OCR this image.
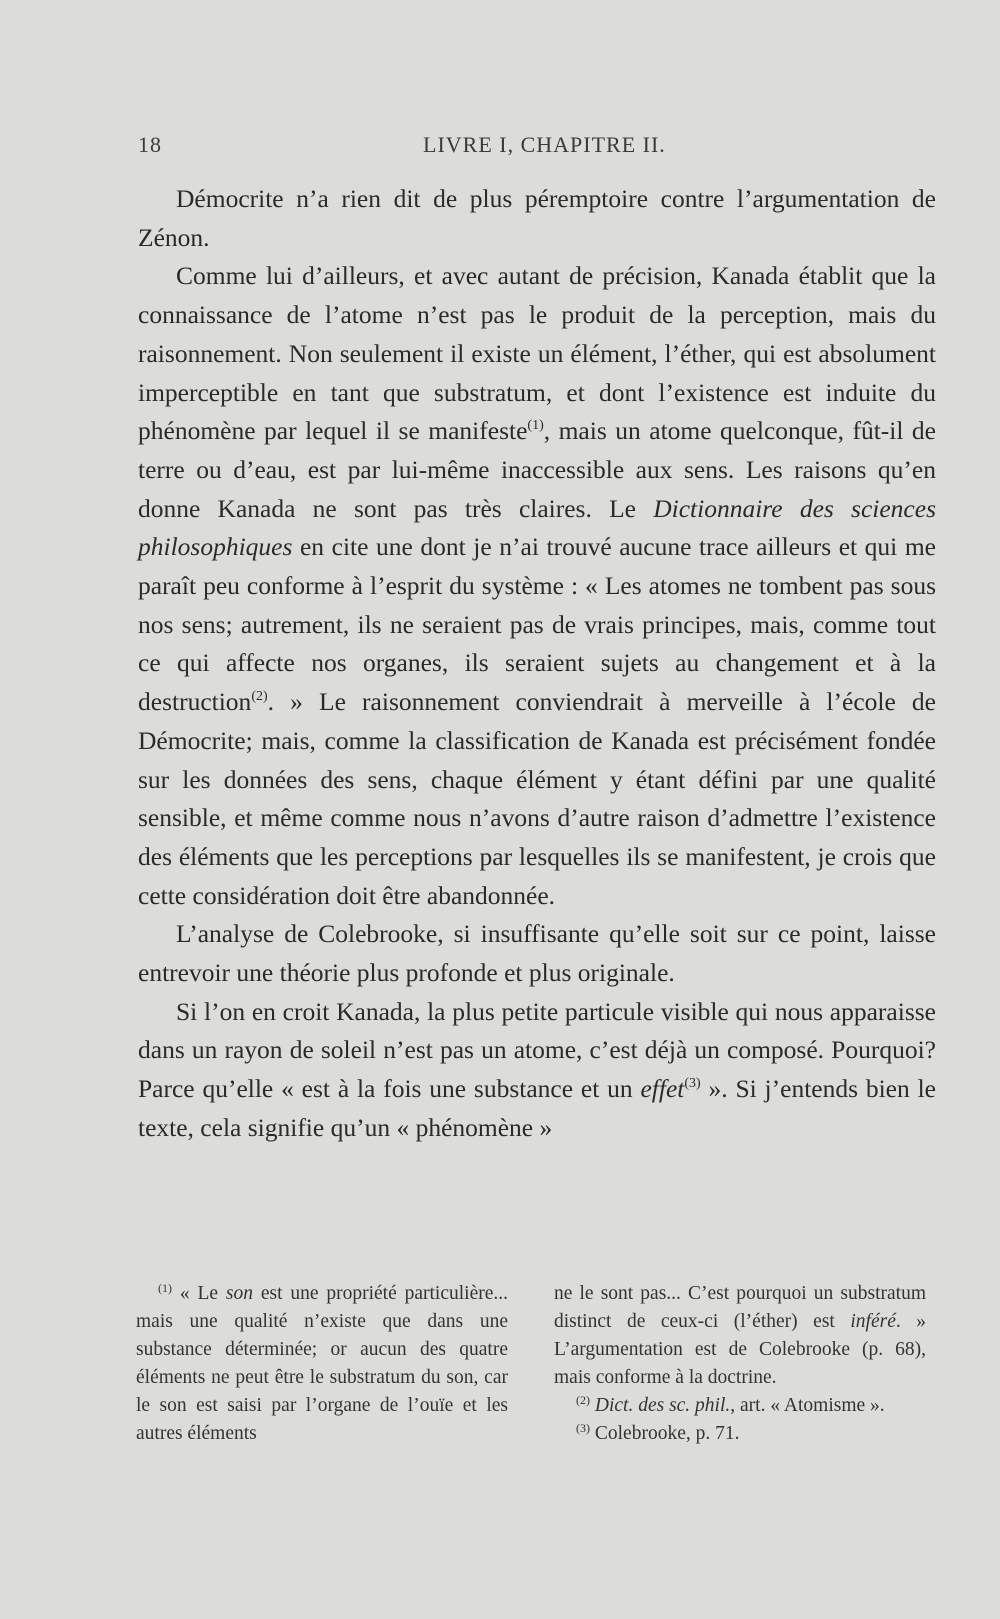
18	LIVRE I, CHAPITRE II.

Démocrite n’a rien dit de plus péremptoire contre l’argumentation de Zénon.

Comme lui d’ailleurs, et avec autant de précision, Kanada établit que la connaissance de l’atome n’est pas le produit de la perception, mais du raisonnement. Non seulement il existe un élément, l’éther, qui est absolument imperceptible en tant que substratum, et dont l’existence est induite du phénomène par lequel il se manifeste$^{(1)}$, mais un atome quelconque, fût-il de terre ou d’eau, est par lui-même inaccessible aux sens. Les raisons qu’en donne Kanada ne sont pas très claires. Le Dictionnaire des sciences philosophiques en cite une dont je n’ai trouvé aucune trace ailleurs et qui me paraît peu conforme à l’esprit du système : « Les atomes ne tombent pas sous nos sens; autrement, ils ne seraient pas de vrais principes, mais, comme tout ce qui affecte nos organes, ils seraient sujets au changement et à la destruction$^{(2)}$. » Le raisonnement conviendrait à merveille à l’école de Démocrite; mais, comme la classification de Kanada est précisément fondée sur les données des sens, chaque élément y étant défini par une qualité sensible, et même comme nous n’avons d’autre raison d’admettre l’existence des éléments que les perceptions par lesquelles ils se manifestent, je crois que cette considération doit être abandonnée.

L’analyse de Colebrooke, si insuffisante qu’elle soit sur ce point, laisse entrevoir une théorie plus profonde et plus originale.

Si l’on en croit Kanada, la plus petite particule visible qui nous apparaisse dans un rayon de soleil n’est pas un atome, c’est déjà un composé. Pourquoi? Parce qu’elle « est à la fois une substance et un effet$^{(3)}$ ». Si j’entends bien le texte, cela signifie qu’un « phénomène »

$^{(1)}$ « Le son est une propriété particulière... mais une qualité n’existe que dans une substance déterminée; or aucun des quatre éléments ne peut être le substratum du son, car le son est saisi par l’organe de l’ouïe et les autres éléments

ne le sont pas... C’est pourquoi un substratum distinct de ceux-ci (l’éther) est inféré. » L’argumentation est de Colebrooke (p. 68), mais conforme à la doctrine.

$^{(2)}$ Dict. des sc. phil., art. « Atomisme ».

$^{(3)}$ Colebrooke, p. 71.
